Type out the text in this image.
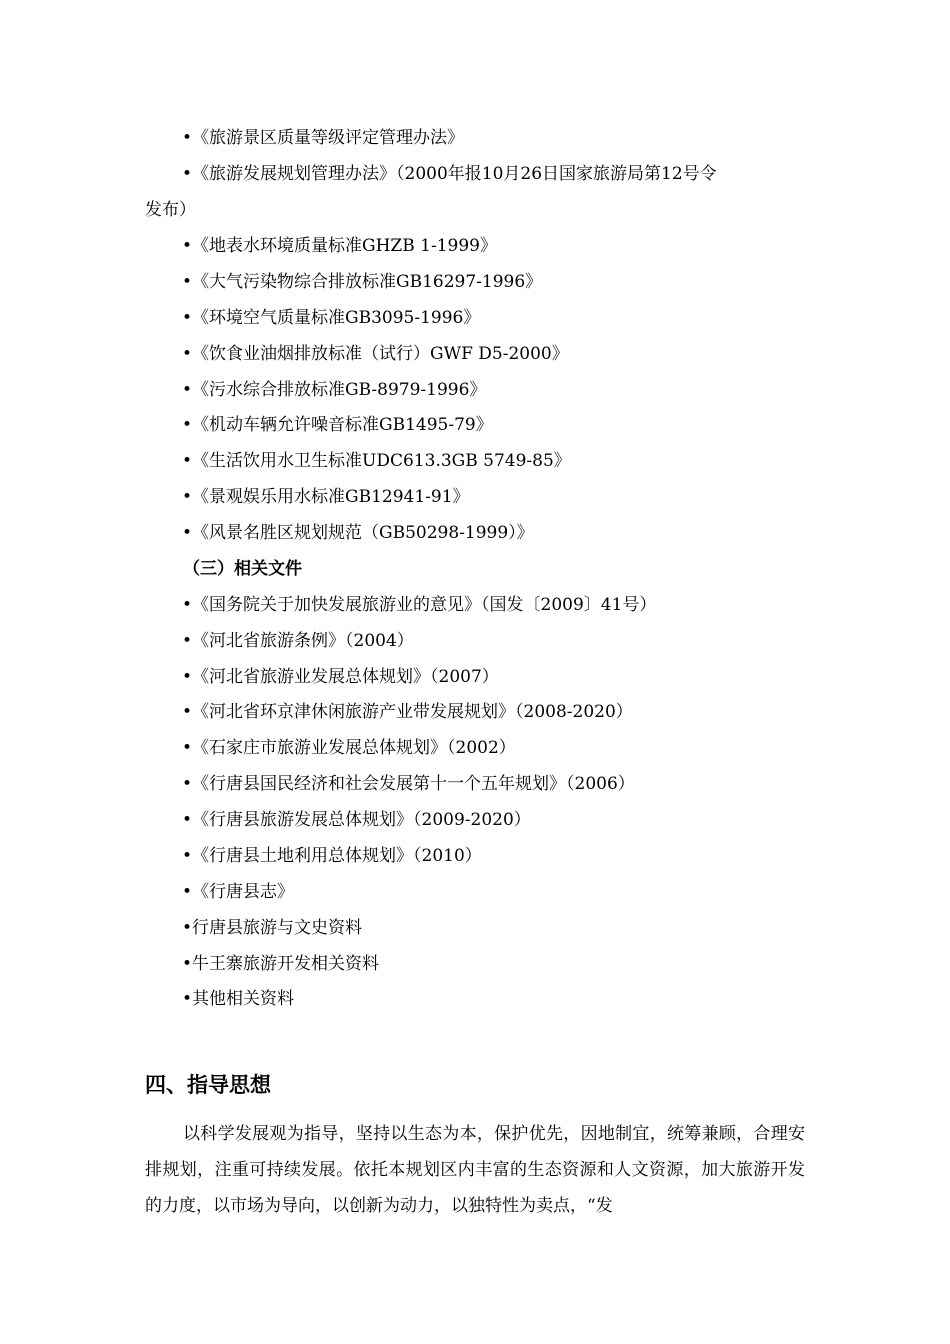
•《旅游景区质量等级评定管理办法》
•《旅游发展规划管理办法》（2000年报10月26日国家旅游局第12号令
发布）
•《地表水环境质量标准GHZB 1-1999》
•《大气污染物综合排放标准GB16297-1996》
•《环境空气质量标准GB3095-1996》
•《饮食业油烟排放标准（试行）GWF D5-2000》
•《污水综合排放标准GB-8979-1996》
•《机动车辆允许噪音标准GB1495-79》
•《生活饮用水卫生标准UDC613.3GB 5749-85》
•《景观娱乐用水标准GB12941-91》
•《风景名胜区规划规范（GB50298-1999）》
（三）相关文件
•《国务院关于加快发展旅游业的意见》（国发〔2009〕41号）
•《河北省旅游条例》（2004）
•《河北省旅游业发展总体规划》（2007）
•《河北省环京津休闲旅游产业带发展规划》（2008-2020）
•《石家庄市旅游业发展总体规划》（2002）
•《行唐县国民经济和社会发展第十一个五年规划》（2006）
•《行唐县旅游发展总体规划》（2009-2020）
•《行唐县土地利用总体规划》（2010）
•《行唐县志》
•行唐县旅游与文史资料
•牛王寨旅游开发相关资料
•其他相关资料
四、指导思想
以科学发展观为指导，坚持以生态为本，保护优先，因地制宜，统筹兼顾，合理安排规划，注重可持续发展。依托本规划区内丰富的生态资源和人文资源，加大旅游开发的力度，以市场为导向，以创新为动力，以独特性为卖点，“发
